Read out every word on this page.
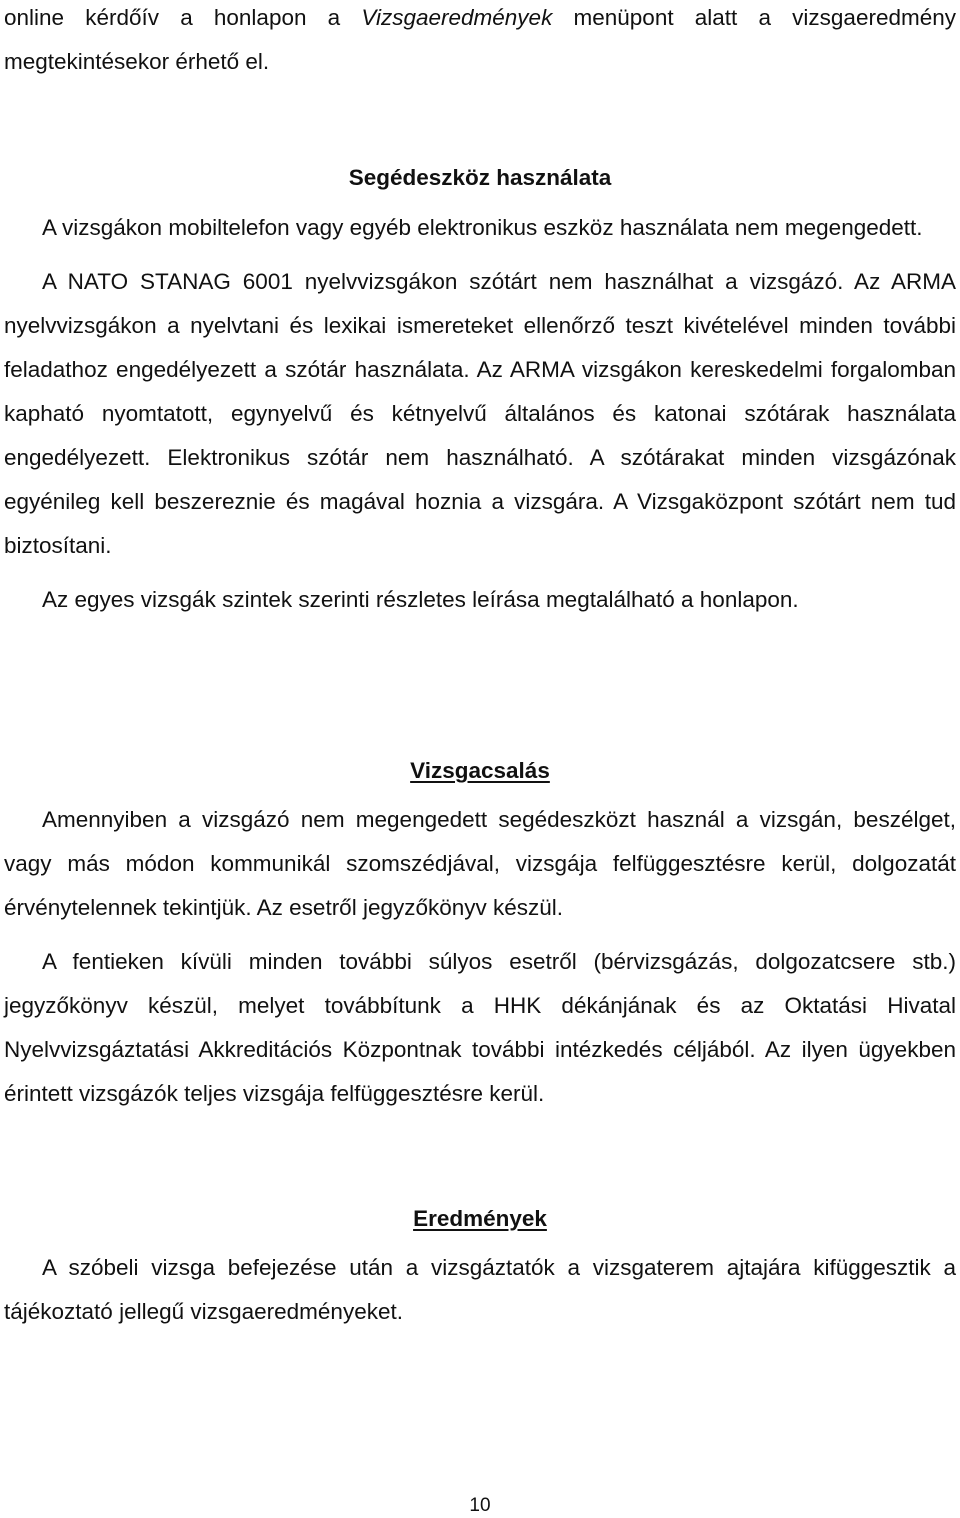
online kérdőív a honlapon a Vizsgaeredmények menüpont alatt a vizsgaeredmény megtekintésekor érhető el.

Segédeszköz használata

A vizsgákon mobiltelefon vagy egyéb elektronikus eszköz használata nem megengedett.

A NATO STANAG 6001 nyelvvizsgákon szótárt nem használhat a vizsgázó. Az ARMA nyelvvizsgákon a nyelvtani és lexikai ismereteket ellenőrző teszt kivételével minden további feladathoz engedélyezett a szótár használata. Az ARMA vizsgákon kereskedelmi forgalomban kapható nyomtatott, egynyelvű és kétnyelvű általános és katonai szótárak használata engedélyezett. Elektronikus szótár nem használható. A szótárakat minden vizsgázónak egyénileg kell beszereznie és magával hoznia a vizsgára. A Vizsgaközpont szótárt nem tud biztosítani.

Az egyes vizsgák szintek szerinti részletes leírása megtalálható a honlapon.

Vizsgacsalás

Amennyiben a vizsgázó nem megengedett segédeszközt használ a vizsgán, beszélget, vagy más módon kommunikál szomszédjával, vizsgája felfüggesztésre kerül, dolgozatát érvénytelennek tekintjük. Az esetről jegyzőkönyv készül.

A fentieken kívüli minden további súlyos esetről (bérvizsgázás, dolgozatcsere stb.) jegyzőkönyv készül, melyet továbbítunk a HHK dékánjának és az Oktatási Hivatal Nyelvvizsgáztatási Akkreditációs Központnak további intézkedés céljából. Az ilyen ügyekben érintett vizsgázók teljes vizsgája felfüggesztésre kerül.

Eredmények

A szóbeli vizsga befejezése után a vizsgáztatók a vizsgaterem ajtajára kifüggesztik a tájékoztató jellegű vizsgaeredményeket.

10
